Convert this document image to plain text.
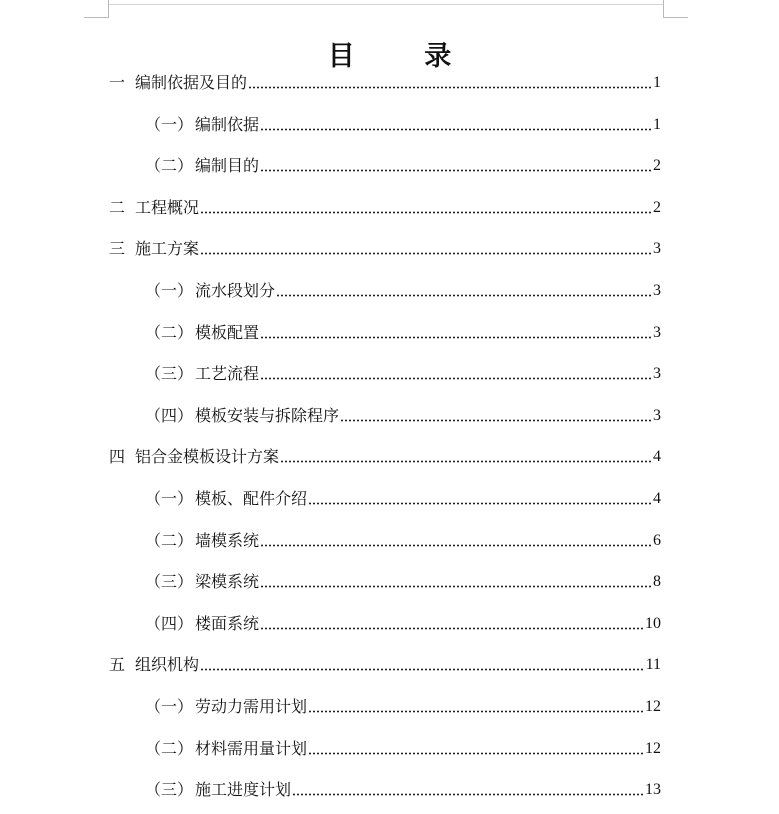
目 录
一 编制依据及目的	1
（一） 编制依据	1
（二） 编制目的	2
二 工程概况	2
三 施工方案	3
（一） 流水段划分	3
（二） 模板配置	3
（三） 工艺流程	3
（四） 模板安装与拆除程序	3
四 铝合金模板设计方案	4
（一） 模板、配件介绍	4
（二） 墙模系统	6
（三） 梁模系统	8
（四） 楼面系统	10
五 组织机构	11
（一） 劳动力需用计划	12
（二） 材料需用量计划	12
（三） 施工进度计划	13
